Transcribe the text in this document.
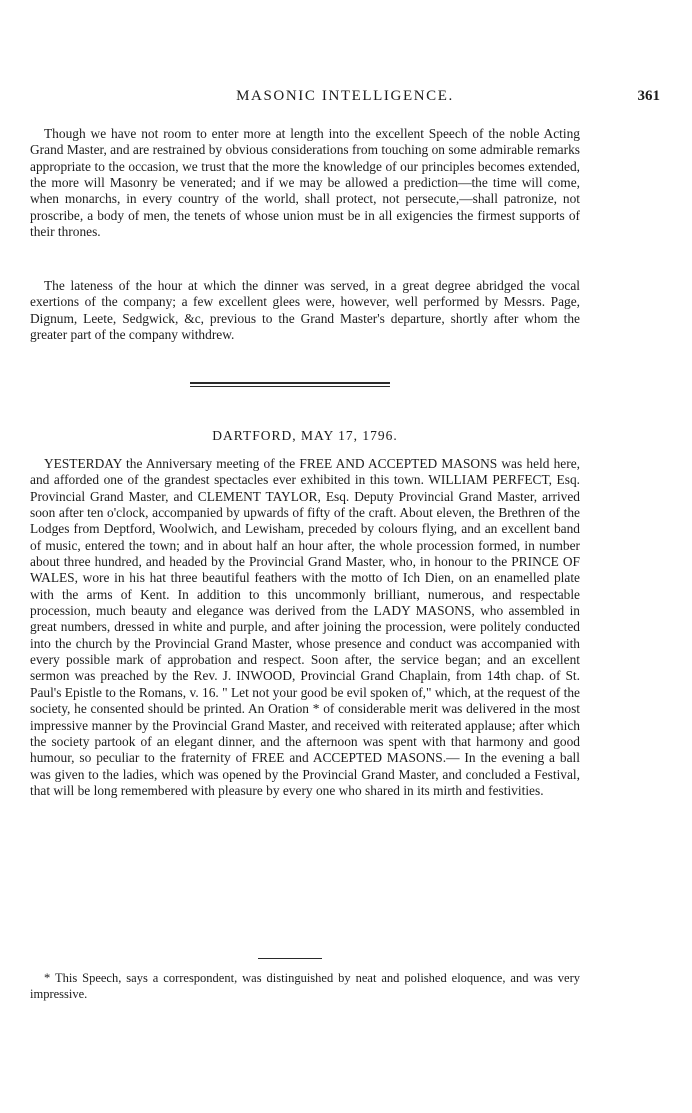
MASONIC INTELLIGENCE.	361

Though we have not room to enter more at length into the excellent Speech of the noble Acting Grand Master, and are restrained by obvious considerations from touching on some admirable remarks appropriate to the occasion, we trust that the more the knowledge of our principles becomes extended, the more will Masonry be venerated; and if we may be allowed a prediction—the time will come, when monarchs, in every country of the world, shall protect, not persecute,—shall patronize, not proscribe, a body of men, the tenets of whose union must be in all exigencies the firmest supports of their thrones.

The lateness of the hour at which the dinner was served, in a great degree abridged the vocal exertions of the company; a few excellent glees were, however, well performed by Messrs. Page, Dignum, Leete, Sedgwick, &c, previous to the Grand Master's departure, shortly after whom the greater part of the company withdrew.

DARTFORD, MAY 17, 1796.

YESTERDAY the Anniversary meeting of the FREE AND ACCEPTED MASONS was held here, and afforded one of the grandest spectacles ever exhibited in this town. WILLIAM PERFECT, Esq. Provincial Grand Master, and CLEMENT TAYLOR, Esq. Deputy Provincial Grand Master, arrived soon after ten o'clock, accompanied by upwards of fifty of the craft. About eleven, the Brethren of the Lodges from Deptford, Woolwich, and Lewisham, preceded by colours flying, and an excellent band of music, entered the town; and in about half an hour after, the whole procession formed, in number about three hundred, and headed by the Provincial Grand Master, who, in honour to the PRINCE OF WALES, wore in his hat three beautiful feathers with the motto of Ich Dien, on an enamelled plate with the arms of Kent. In addition to this uncommonly brilliant, numerous, and respectable procession, much beauty and elegance was derived from the LADY MASONS, who assembled in great numbers, dressed in white and purple, and after joining the procession, were politely conducted into the church by the Provincial Grand Master, whose presence and conduct was accompanied with every possible mark of approbation and respect. Soon after, the service began; and an excellent sermon was preached by the Rev. J. INWOOD, Provincial Grand Chaplain, from 14th chap. of St. Paul's Epistle to the Romans, v. 16. " Let not your good be evil spoken of," which, at the request of the society, he consented should be printed. An Oration * of considerable merit was delivered in the most impressive manner by the Provincial Grand Master, and received with reiterated applause; after which the society partook of an elegant dinner, and the afternoon was spent with that harmony and good humour, so peculiar to the fraternity of FREE and ACCEPTED MASONS.— In the evening a ball was given to the ladies, which was opened by the Provincial Grand Master, and concluded a Festival, that will be long remembered with pleasure by every one who shared in its mirth and festivities.

* This Speech, says a correspondent, was distinguished by neat and polished eloquence, and was very impressive.
